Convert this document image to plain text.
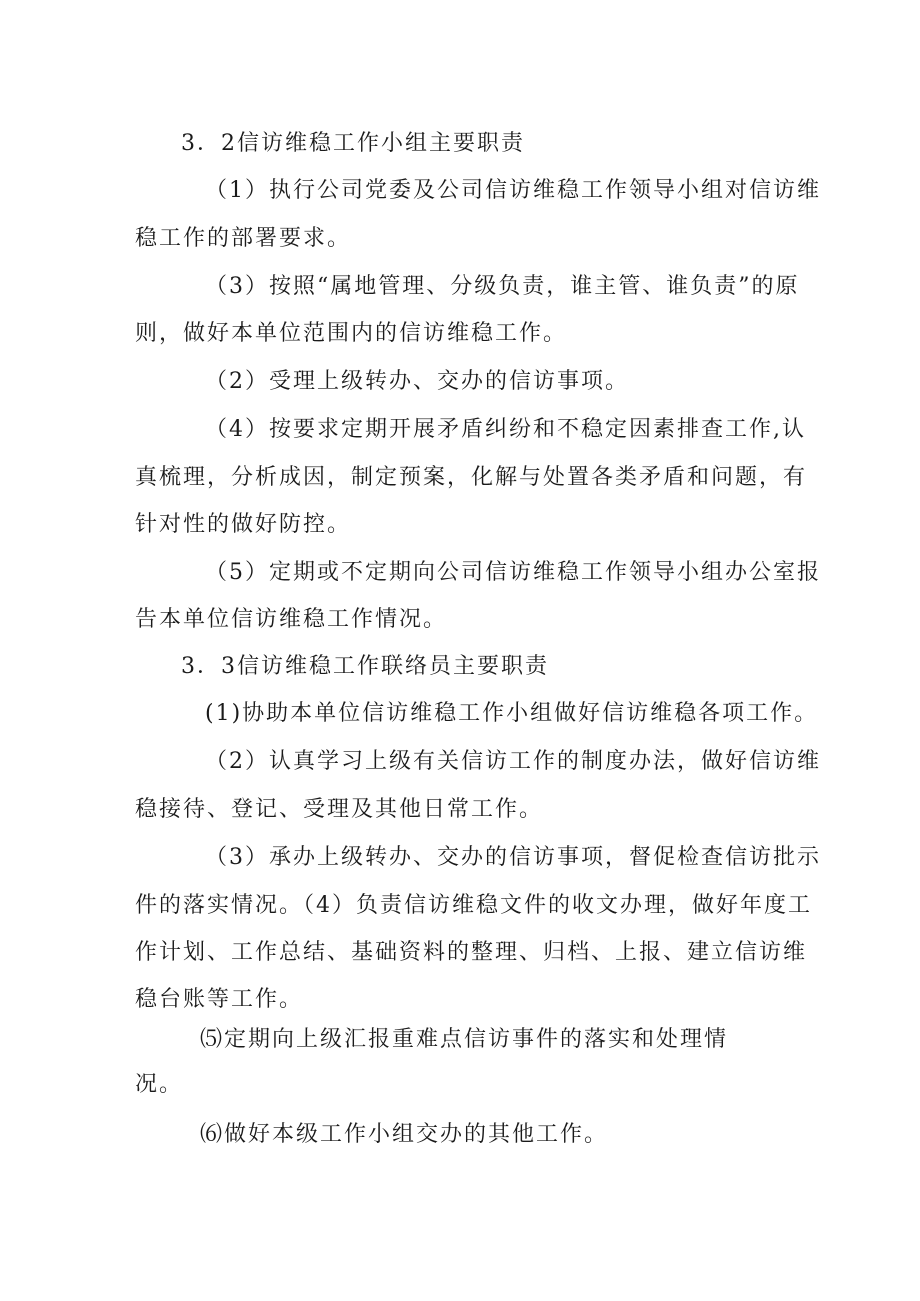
3．2信访维稳工作小组主要职责
（1）执行公司党委及公司信访维稳工作领导小组对信访维
稳工作的部署要求。
（3）按照“属地管理、分级负责，谁主管、谁负责”的原
则，做好本单位范围内的信访维稳工作。
（2）受理上级转办、交办的信访事项。
（4）按要求定期开展矛盾纠纷和不稳定因素排查工作,认
真梳理，分析成因，制定预案，化解与处置各类矛盾和问题，有
针对性的做好防控。
（5）定期或不定期向公司信访维稳工作领导小组办公室报
告本单位信访维稳工作情况。
3．3信访维稳工作联络员主要职责
(1)协助本单位信访维稳工作小组做好信访维稳各项工作。
（2）认真学习上级有关信访工作的制度办法，做好信访维
稳接待、登记、受理及其他日常工作。
（3）承办上级转办、交办的信访事项，督促检查信访批示
件的落实情况。（4）负责信访维稳文件的收文办理，做好年度工
作计划、工作总结、基础资料的整理、归档、上报、建立信访维
稳台账等工作。
⑸定期向上级汇报重难点信访事件的落实和处理情
况。
⑹做好本级工作小组交办的其他工作。
